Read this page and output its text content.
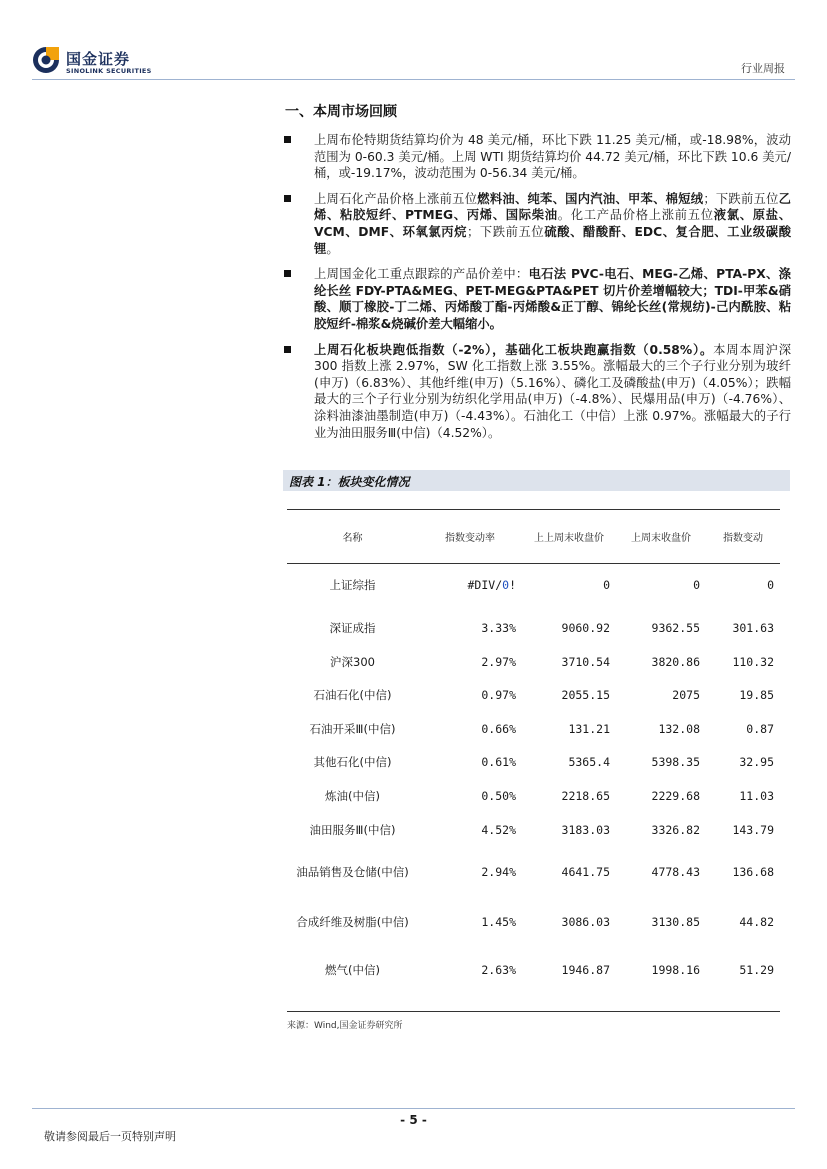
国金证券
SINOLINK SECURITIES	行业周报
一、本周市场回顾
上周布伦特期货结算均价为 48 美元/桶，环比下跌 11.25 美元/桶，或-18.98%，波动范围为 0-60.3 美元/桶。上周 WTI 期货结算均价 44.72 美元/桶，环比下跌 10.6 美元/桶，或-19.17%，波动范围为 0-56.34 美元/桶。
上周石化产品价格上涨前五位燃料油、纯苯、国内汽油、甲苯、棉短绒；下跌前五位乙烯、粘胶短纤、PTMEG、丙烯、国际柴油。化工产品价格上涨前五位液氯、原盐、VCM、DMF、环氧氯丙烷；下跌前五位硫酸、醋酸酐、EDC、复合肥、工业级碳酸锂。
上周国金化工重点跟踪的产品价差中：电石法 PVC-电石、MEG-乙烯、PTA-PX、涤纶长丝 FDY-PTA&MEG、PET-MEG&PTA&PET 切片价差增幅较大；TDI-甲苯&硝酸、顺丁橡胶-丁二烯、丙烯酸丁酯-丙烯酸&正丁醇、锦纶长丝(常规纺)-己内酰胺、粘胶短纤-棉浆&烧碱价差大幅缩小。
上周石化板块跑低指数（-2%），基础化工板块跑赢指数（0.58%）。本周本周沪深 300 指数上涨 2.97%，SW 化工指数上涨 3.55%。涨幅最大的三个子行业分别为玻纤(申万)（6.83%）、其他纤维(申万)（5.16%）、磷化工及磷酸盐(申万)（4.05%）；跌幅最大的三个子行业分别为纺织化学用品(申万)（-4.8%）、民爆用品(申万)（-4.76%）、涂料油漆油墨制造(申万)（-4.43%）。石油化工（中信）上涨 0.97%。涨幅最大的子行业为油田服务Ⅲ(中信)（4.52%）。
图表 1：板块变化情况
名称	指数变动率	上上周末收盘价	上周末收盘价	指数变动
上证综指	#DIV/0!	0	0	0
深证成指	3.33%	9060.92	9362.55	301.63
沪深300	2.97%	3710.54	3820.86	110.32
石油石化(中信)	0.97%	2055.15	2075	19.85
石油开采Ⅲ(中信)	0.66%	131.21	132.08	0.87
其他石化(中信)	0.61%	5365.4	5398.35	32.95
炼油(中信)	0.50%	2218.65	2229.68	11.03
油田服务Ⅲ(中信)	4.52%	3183.03	3326.82	143.79
油品销售及仓储(中信)	2.94%	4641.75	4778.43	136.68
合成纤维及树脂(中信)	1.45%	3086.03	3130.85	44.82
燃气(中信)	2.63%	1946.87	1998.16	51.29
来源：Wind,国金证券研究所
- 5 -
敬请参阅最后一页特别声明
